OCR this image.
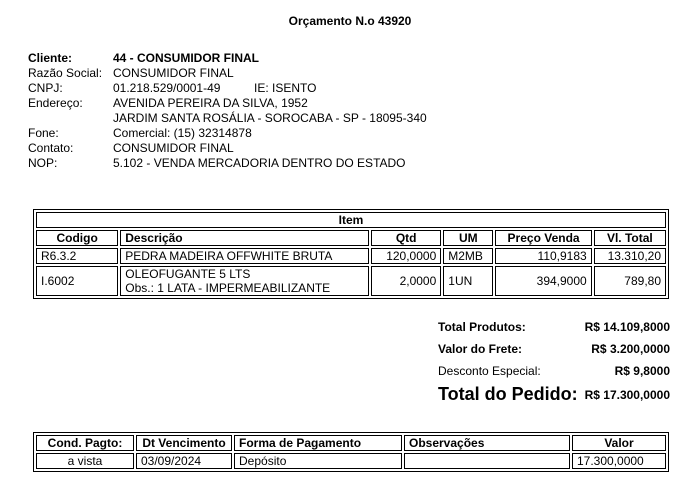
Orçamento N.o 43920
Cliente:	44 - CONSUMIDOR FINAL
Razão Social: CONSUMIDOR FINAL
CNPJ:	01.218.529/0001-49	IE: ISENTO
Endereço:	AVENIDA PEREIRA DA SILVA, 1952
JARDIM SANTA ROSÁLIA - SOROCABA - SP - 18095-340
Fone:	Comercial: (15) 32314878
Contato:	CONSUMIDOR FINAL
NOP:	5.102 - VENDA MERCADORIA DENTRO DO ESTADO
Item					
Codigo	Descrição	Qtd	UM	Preço Venda	Vl. Total
R6.3.2	PEDRA MADEIRA OFFWHITE BRUTA	120,0000	M2MB	110,9183	13.310,20
I.6002	OLEOFUGANTE 5 LTS
Obs.: 1 LATA - IMPERMEABILIZANTE	2,0000	1UN	394,9000	789,80
Total Produtos:	R$ 14.109,8000
Valor do Frete:	R$ 3.200,0000
Desconto Especial:	R$ 9,8000
Total do Pedido: R$ 17.300,0000
Cond. Pagto:	Dt Vencimento	Forma de Pagamento	Observações	Valor
a vista	03/09/2024	Depósito		17.300,0000
